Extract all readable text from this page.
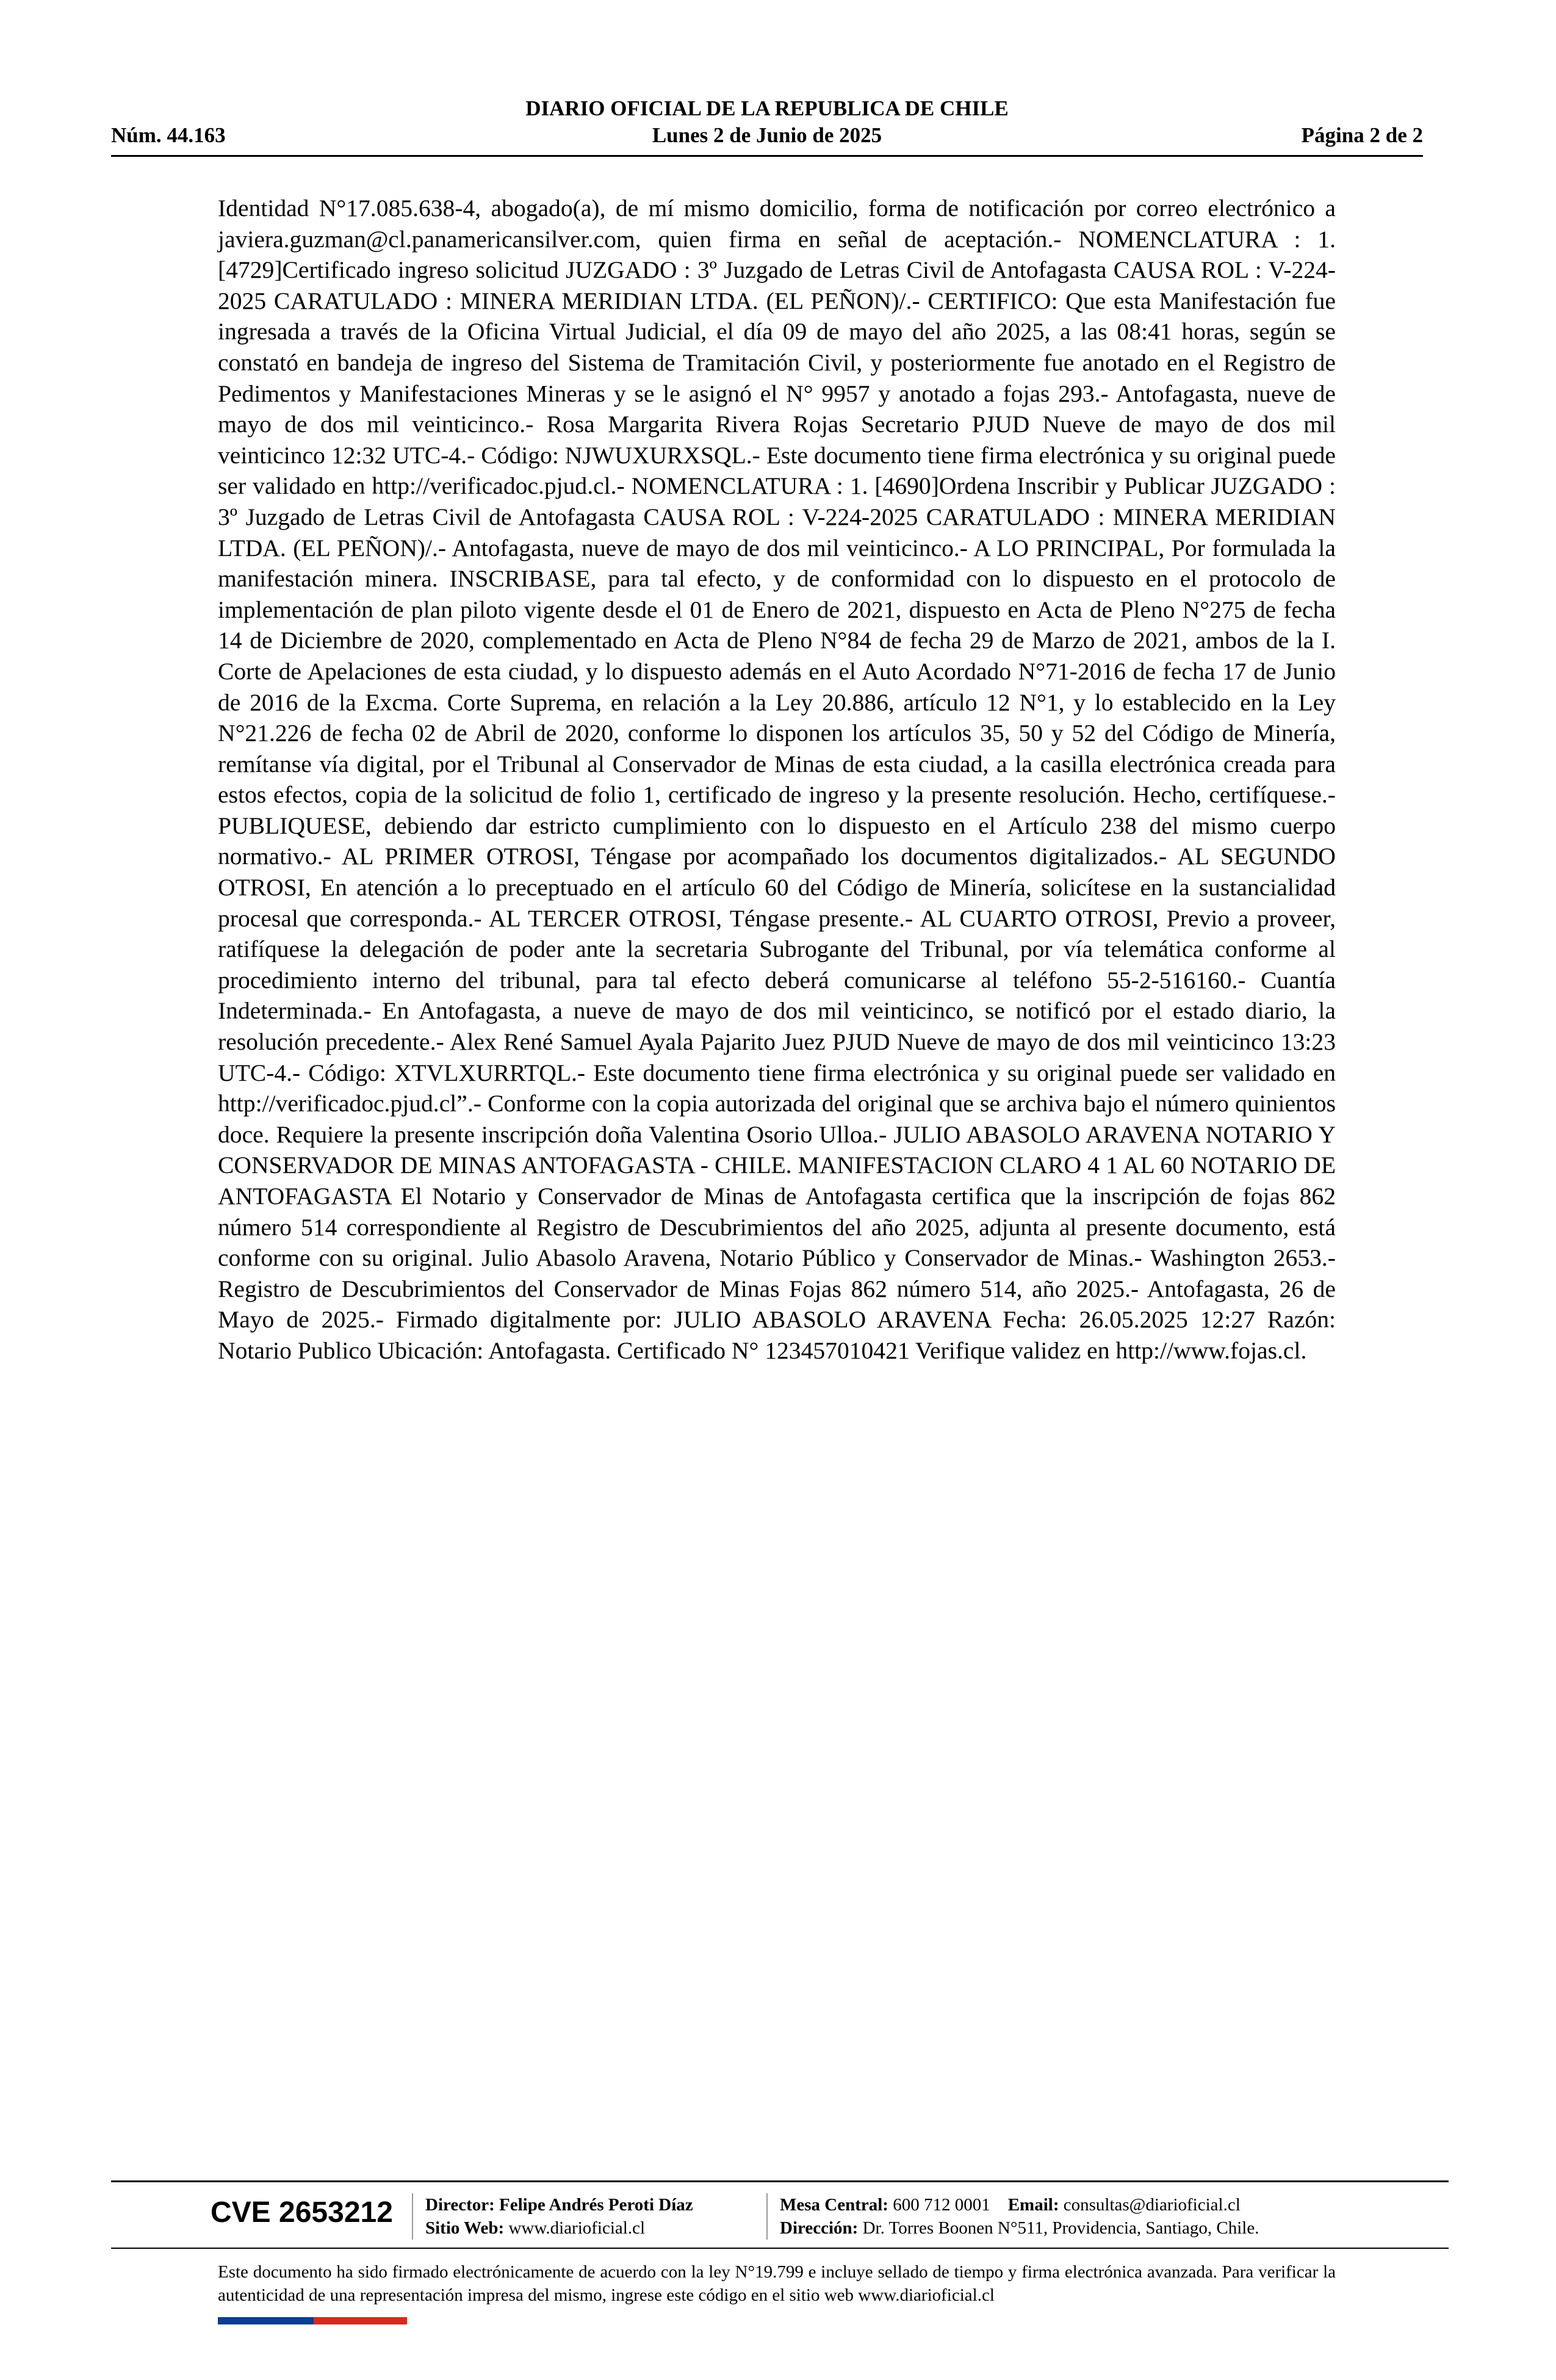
DIARIO OFICIAL DE LA REPUBLICA DE CHILE
Núm. 44.163	Lunes 2 de Junio de 2025	Página 2 de 2

Identidad N°17.085.638-4, abogado(a), de mí mismo domicilio, forma de notificación por correo electrónico a javiera.guzman@cl.panamericansilver.com, quien firma en señal de aceptación.- NOMENCLATURA : 1. [4729]Certificado ingreso solicitud JUZGADO : 3º Juzgado de Letras Civil de Antofagasta CAUSA ROL : V-224-2025 CARATULADO : MINERA MERIDIAN LTDA. (EL PEÑON)/.- CERTIFICO: Que esta Manifestación fue ingresada a través de la Oficina Virtual Judicial, el día 09 de mayo del año 2025, a las 08:41 horas, según se constató en bandeja de ingreso del Sistema de Tramitación Civil, y posteriormente fue anotado en el Registro de Pedimentos y Manifestaciones Mineras y se le asignó el N° 9957 y anotado a fojas 293.- Antofagasta, nueve de mayo de dos mil veinticinco.- Rosa Margarita Rivera Rojas Secretario PJUD Nueve de mayo de dos mil veinticinco 12:32 UTC-4.- Código: NJWUXURXSQL.- Este documento tiene firma electrónica y su original puede ser validado en http://verificadoc.pjud.cl.- NOMENCLATURA : 1. [4690]Ordena Inscribir y Publicar JUZGADO : 3º Juzgado de Letras Civil de Antofagasta CAUSA ROL : V-224-2025 CARATULADO : MINERA MERIDIAN LTDA. (EL PEÑON)/.- Antofagasta, nueve de mayo de dos mil veinticinco.- A LO PRINCIPAL, Por formulada la manifestación minera. INSCRIBASE, para tal efecto, y de conformidad con lo dispuesto en el protocolo de implementación de plan piloto vigente desde el 01 de Enero de 2021, dispuesto en Acta de Pleno N°275 de fecha 14 de Diciembre de 2020, complementado en Acta de Pleno N°84 de fecha 29 de Marzo de 2021, ambos de la I. Corte de Apelaciones de esta ciudad, y lo dispuesto además en el Auto Acordado N°71-2016 de fecha 17 de Junio de 2016 de la Excma. Corte Suprema, en relación a la Ley 20.886, artículo 12 N°1, y lo establecido en la Ley N°21.226 de fecha 02 de Abril de 2020, conforme lo disponen los artículos 35, 50 y 52 del Código de Minería, remítanse vía digital, por el Tribunal al Conservador de Minas de esta ciudad, a la casilla electrónica creada para estos efectos, copia de la solicitud de folio 1, certificado de ingreso y la presente resolución. Hecho, certifíquese.- PUBLIQUESE, debiendo dar estricto cumplimiento con lo dispuesto en el Artículo 238 del mismo cuerpo normativo.- AL PRIMER OTROSI, Téngase por acompañado los documentos digitalizados.- AL SEGUNDO OTROSI, En atención a lo preceptuado en el artículo 60 del Código de Minería, solicítese en la sustancialidad procesal que corresponda.- AL TERCER OTROSI, Téngase presente.- AL CUARTO OTROSI, Previo a proveer, ratifíquese la delegación de poder ante la secretaria Subrogante del Tribunal, por vía telemática conforme al procedimiento interno del tribunal, para tal efecto deberá comunicarse al teléfono 55-2-516160.- Cuantía Indeterminada.- En Antofagasta, a nueve de mayo de dos mil veinticinco, se notificó por el estado diario, la resolución precedente.- Alex René Samuel Ayala Pajarito Juez PJUD Nueve de mayo de dos mil veinticinco 13:23 UTC-4.- Código: XTVLXURRTQL.- Este documento tiene firma electrónica y su original puede ser validado en http://verificadoc.pjud.cl”.- Conforme con la copia autorizada del original que se archiva bajo el número quinientos doce. Requiere la presente inscripción doña Valentina Osorio Ulloa.- JULIO ABASOLO ARAVENA NOTARIO Y CONSERVADOR DE MINAS ANTOFAGASTA - CHILE. MANIFESTACION CLARO 4 1 AL 60 NOTARIO DE ANTOFAGASTA El Notario y Conservador de Minas de Antofagasta certifica que la inscripción de fojas 862 número 514 correspondiente al Registro de Descubrimientos del año 2025, adjunta al presente documento, está conforme con su original. Julio Abasolo Aravena, Notario Público y Conservador de Minas.- Washington 2653.- Registro de Descubrimientos del Conservador de Minas Fojas 862 número 514, año 2025.- Antofagasta, 26 de Mayo de 2025.- Firmado digitalmente por: JULIO ABASOLO ARAVENA Fecha: 26.05.2025 12:27 Razón: Notario Publico Ubicación: Antofagasta. Certificado N° 123457010421 Verifique validez en http://www.fojas.cl.

CVE 2653212 Director: Felipe Andrés Peroti Díaz
Sitio Web: www.diarioficial.cl
Mesa Central: 600 712 0001 Email: consultas@diarioficial.cl
Dirección: Dr. Torres Boonen N°511, Providencia, Santiago, Chile.
Este documento ha sido firmado electrónicamente de acuerdo con la ley N°19.799 e incluye sellado de tiempo y firma electrónica avanzada. Para verificar la autenticidad de una representación impresa del mismo, ingrese este código en el sitio web www.diarioficial.cl
